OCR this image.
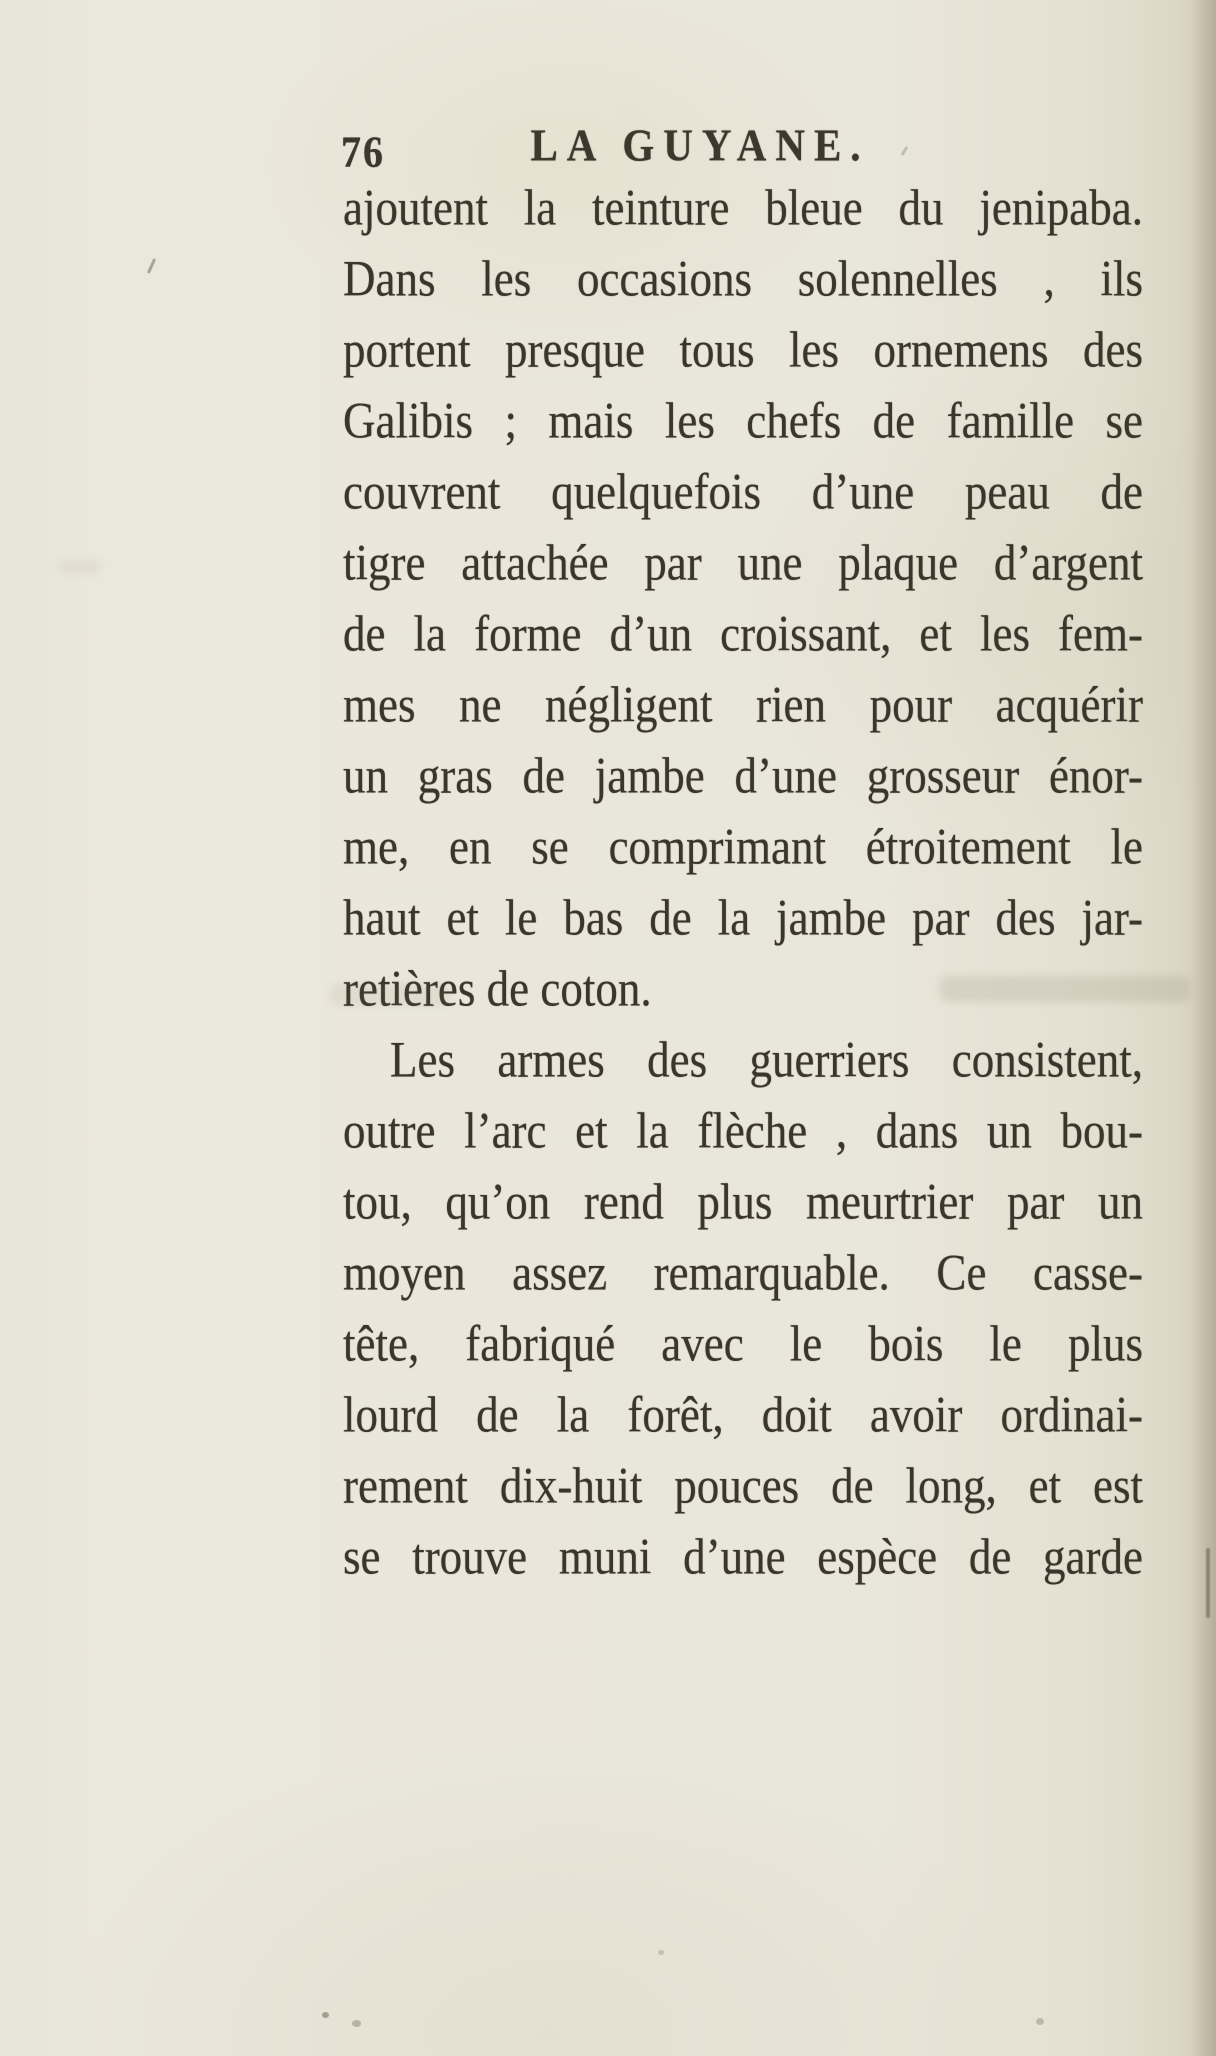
76	LA GUYANE.
ajoutent la teinture bleue du jenipaba.
Dans les occasions solennelles , ils
portent presque tous les ornemens des
Galibis ; mais les chefs de famille se
couvrent quelquefois d’une peau de
tigre attachée par une plaque d’argent
de la forme d’un croissant, et les fem-
mes ne négligent rien pour acquérir
un gras de jambe d’une grosseur énor-
me, en se comprimant étroitement le
haut et le bas de la jambe par des jar-
retières de coton.
Les armes des guerriers consistent,
outre l’arc et la flèche , dans un bou-
tou, qu’on rend plus meurtrier par un
moyen assez remarquable. Ce casse-
tête, fabriqué avec le bois le plus
lourd de la forêt, doit avoir ordinai-
rement dix-huit pouces de long, et est
se trouve muni d’une espèce de garde
